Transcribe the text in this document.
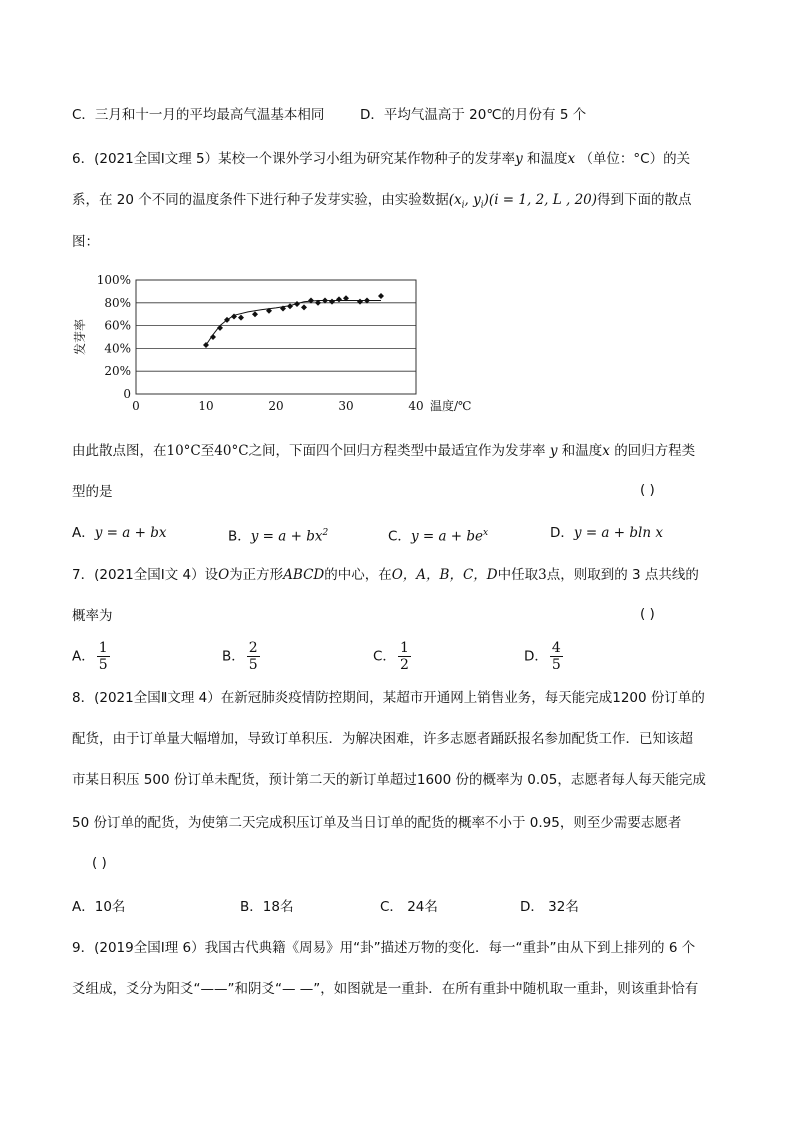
C．三月和十一月的平均最高气温基本相同	D．平均气温高于 20℃的月份有 5 个
6．(2021全国Ⅰ文理 5）某校一个课外学习小组为研究某作物种子的发芽率y 和温度x （单位：°C）的关
系，在 20 个不同的温度条件下进行种子发芽实验，由实验数据($x_i$, $y_i)(i = 1$, 2, L , 20)得到下面的散点
图：
0
20%
40%
60%
80%
100%
0	10	20	30	40 温度/℃
发芽率
由此散点图，在10°C至40°C之间，下面四个回归方程类型中最适宜作为发芽率 y 和温度x 的回归方程类
型的是	( )
A．y = a + bx	B．$y = a + bx^2$	C．$y = a + be^x$	D．y = a + bln x
7．(2021全国Ⅰ文 4）设O为正方形ABCD的中心，在O，A，B，C，D中任取3点，则取到的 3 点共线的
概率为	( )
A． $\frac{1}{5}$	B． $\frac{2}{5}$	C． $\frac{1}{2}$	D． $\frac{4}{5}$
8．(2021全国Ⅱ文理 4）在新冠肺炎疫情防控期间，某超市开通网上销售业务，每天能完成1200 份订单的
配货，由于订单量大幅增加，导致订单积压．为解决困难，许多志愿者踊跃报名参加配货工作．已知该超
市某日积压 500 份订单未配货，预计第二天的新订单超过1600 份的概率为 0.05，志愿者每人每天能完成
50 份订单的配货，为使第二天完成积压订单及当日订单的配货的概率不小于 0.95，则至少需要志愿者
( )
A．10名	B．18名	C． 24名	D． 32名
9．(2019全国Ⅰ理 6）我国古代典籍《周易》用“卦”描述万物的变化．每一“重卦”由从下到上排列的 6 个
爻组成，爻分为阳爻“——”和阴爻“— —”，如图就是一重卦．在所有重卦中随机取一重卦，则该重卦恰有
